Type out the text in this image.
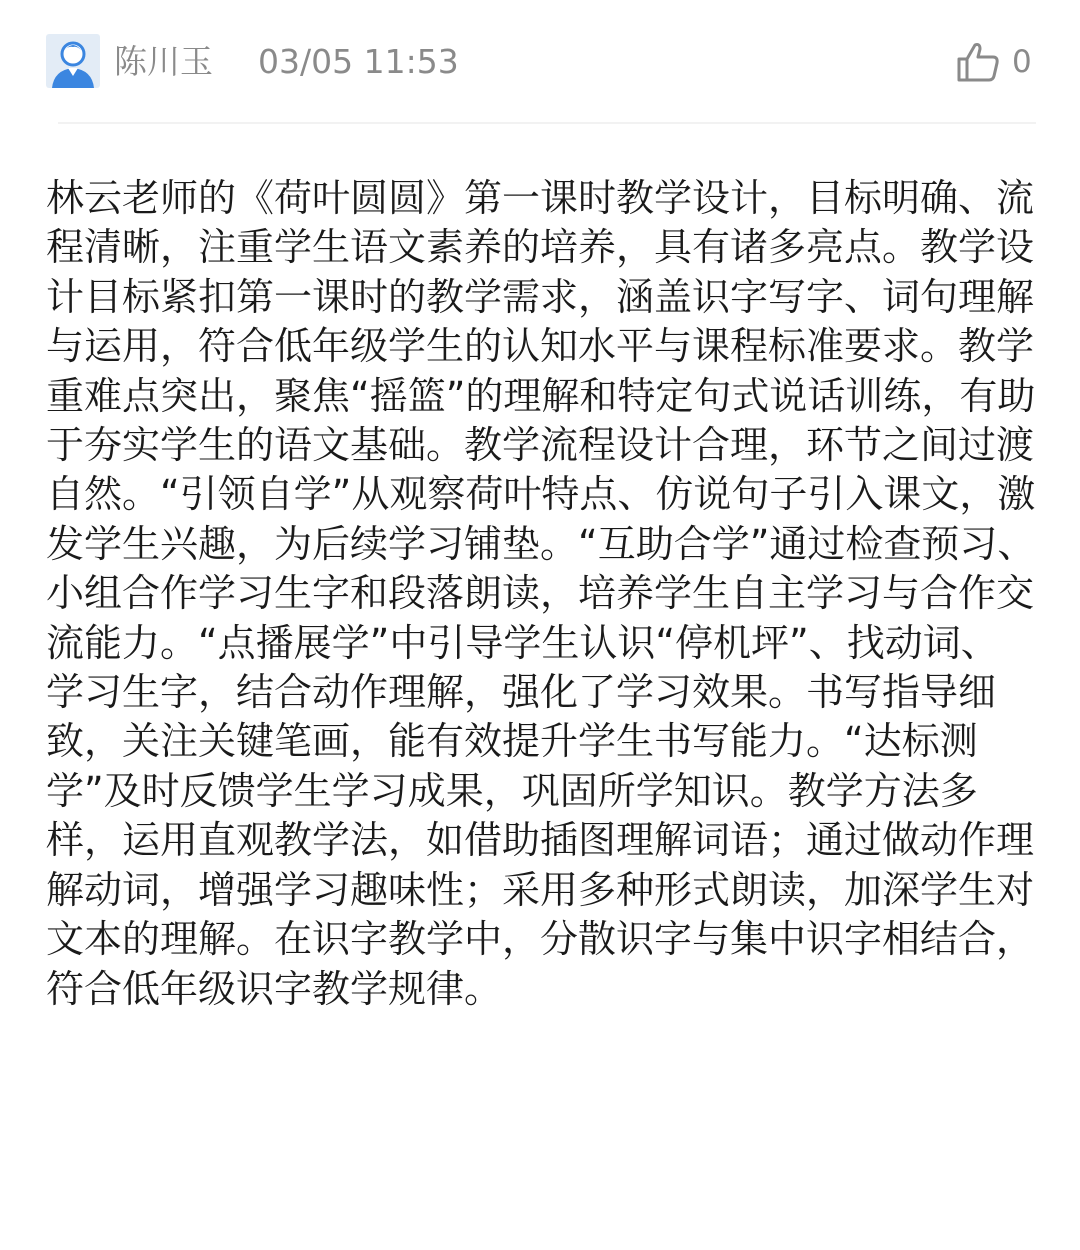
陈川玉 03/05 11:53	0

林云老师的《荷叶圆圆》第一课时教学设计，目标明确、流程清晰，注重学生语文素养的培养，具有诸多亮点。教学设计目标紧扣第一课时的教学需求，涵盖识字写字、词句理解与运用，符合低年级学生的认知水平与课程标准要求。教学重难点突出，聚焦“摇篮”的理解和特定句式说话训练，有助于夯实学生的语文基础。教学流程设计合理，环节之间过渡自然。“引领自学”从观察荷叶特点、仿说句子引入课文，激发学生兴趣，为后续学习铺垫。“互助合学”通过检查预习、小组合作学习生字和段落朗读，培养学生自主学习与合作交流能力。“点播展学”中引导学生认识“停机坪”、找动词、学习生字，结合动作理解，强化了学习效果。书写指导细致，关注关键笔画，能有效提升学生书写能力。“达标测学”及时反馈学生学习成果，巩固所学知识。教学方法多样，运用直观教学法，如借助插图理解词语；通过做动作理解动词，增强学习趣味性；采用多种形式朗读，加深学生对文本的理解。在识字教学中，分散识字与集中识字相结合，符合低年级识字教学规律。
